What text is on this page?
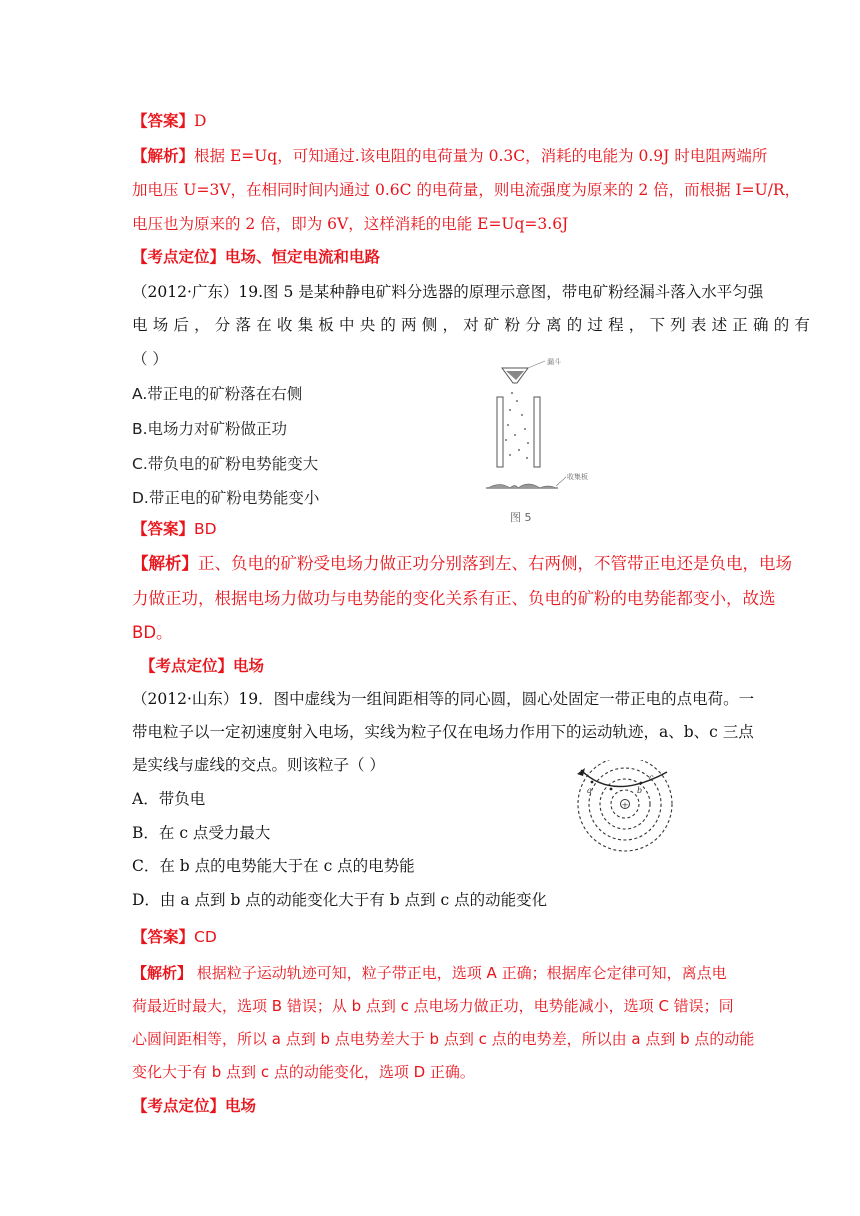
【答案】D
【解析】根据 E=Uq，可知通过.该电阻的电荷量为 0.3C，消耗的电能为 0.9J 时电阻两端所
加电压 U=3V，在相同时间内通过 0.6C 的电荷量，则电流强度为原来的 2 倍，而根据 I=U/R，
电压也为原来的 2 倍，即为 6V，这样消耗的电能 E=Uq=3.6J
【考点定位】电场、恒定电流和电路
（2012·广东）19.图 5 是某种静电矿料分选器的原理示意图，带电矿粉经漏斗落入水平匀强
电场后，分落在收集板中央的两侧，对矿粉分离的过程，下列表述正确的有
（ ）
A.带正电的矿粉落在右侧
B.电场力对矿粉做正功
C.带负电的矿粉电势能变大
D.带正电的矿粉电势能变小
漏斗
收集板
图 5
【答案】BD
【解析】正、负电的矿粉受电场力做正功分别落到左、右两侧，不管带正电还是负电，电场
力做正功，根据电场力做功与电势能的变化关系有正、负电的矿粉的电势能都变小，故选
BD。
【考点定位】电场
（2012·山东）19．图中虚线为一组间距相等的同心圆，圆心处固定一带正电的点电荷。一
带电粒子以一定初速度射入电场，实线为粒子仅在电场力作用下的运动轨迹，a、b、c 三点
是实线与虚线的交点。则该粒子（ ）
A．带负电
B．在 c 点受力最大
C．在 b 点的电势能大于在 c 点的电势能
D．由 a 点到 b 点的动能变化大于有 b 点到 c 点的动能变化
+
a	b
c
【答案】CD
【解析】 根据粒子运动轨迹可知，粒子带正电，选项 A 正确；根据库仑定律可知，离点电
荷最近时最大，选项 B 错误；从 b 点到 c 点电场力做正功，电势能减小，选项 C 错误；同
心圆间距相等，所以 a 点到 b 点电势差大于 b 点到 c 点的电势差，所以由 a 点到 b 点的动能
变化大于有 b 点到 c 点的动能变化，选项 D 正确。
【考点定位】电场
